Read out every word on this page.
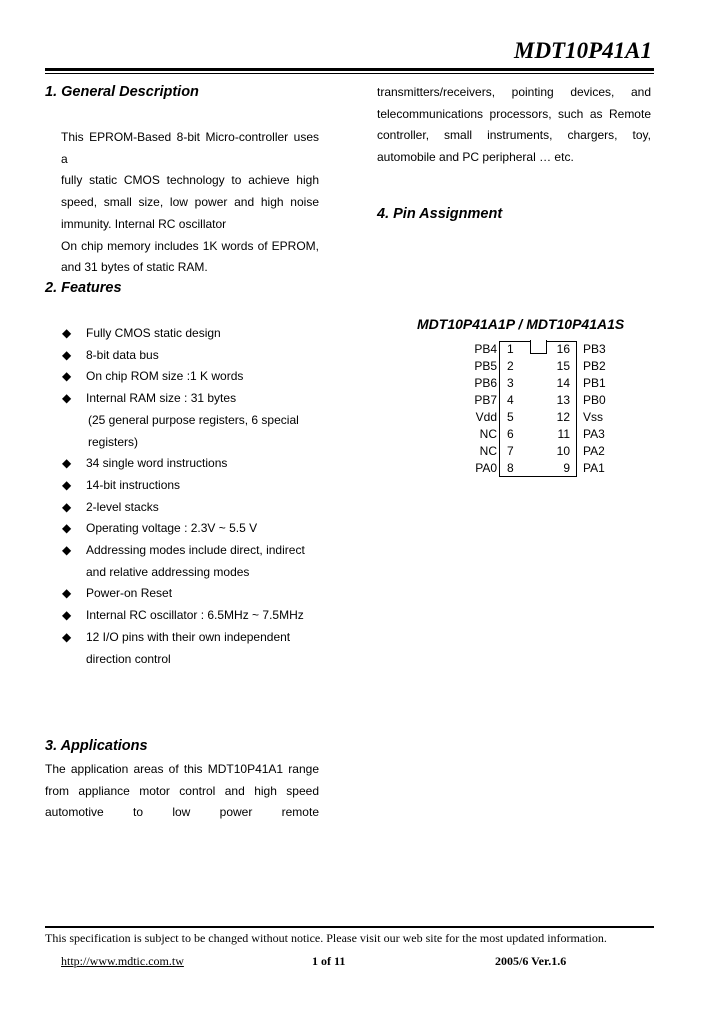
MDT10P41A1
1. General Description
This EPROM-Based 8-bit Micro-controller uses a
fully static CMOS technology to achieve high
speed, small size, low power and high noise
immunity. Internal RC oscillator
On chip memory includes 1K words of EPROM,
and 31 bytes of static RAM.
2. Features
◆ Fully CMOS static design
◆ 8-bit data bus
◆ On chip ROM size :1 K words
◆ Internal RAM size : 31 bytes
(25 general purpose registers, 6 special
registers)
◆ 34 single word instructions
◆ 14-bit instructions
◆ 2-level stacks
◆ Operating voltage : 2.3V ~ 5.5 V
◆ Addressing modes include direct, indirect
and relative addressing modes
◆ Power-on Reset
◆ Internal RC oscillator : 6.5MHz ~ 7.5MHz
◆ 12 I/O pins with their own independent
direction control
3. Applications
The application areas of this MDT10P41A1 range
from appliance motor control and high speed
automotive to low power remote
transmitters/receivers, pointing devices, and
telecommunications processors, such as Remote
controller, small instruments, chargers, toy,
automobile and PC peripheral … etc.
4. Pin Assignment
MDT10P41A1P / MDT10P41A1S
PB4 1	16 PB3
PB5 2	15 PB2
PB6 3	14 PB1
PB7 4	13 PB0
Vdd 5	12 Vss
NC 6	11 PA3
NC 7	10 PA2
PA0 8	9 PA1
This specification is subject to be changed without notice. Please visit our web site for the most updated information.
http://www.mdtic.com.tw	1 of 11	2005/6 Ver.1.6
